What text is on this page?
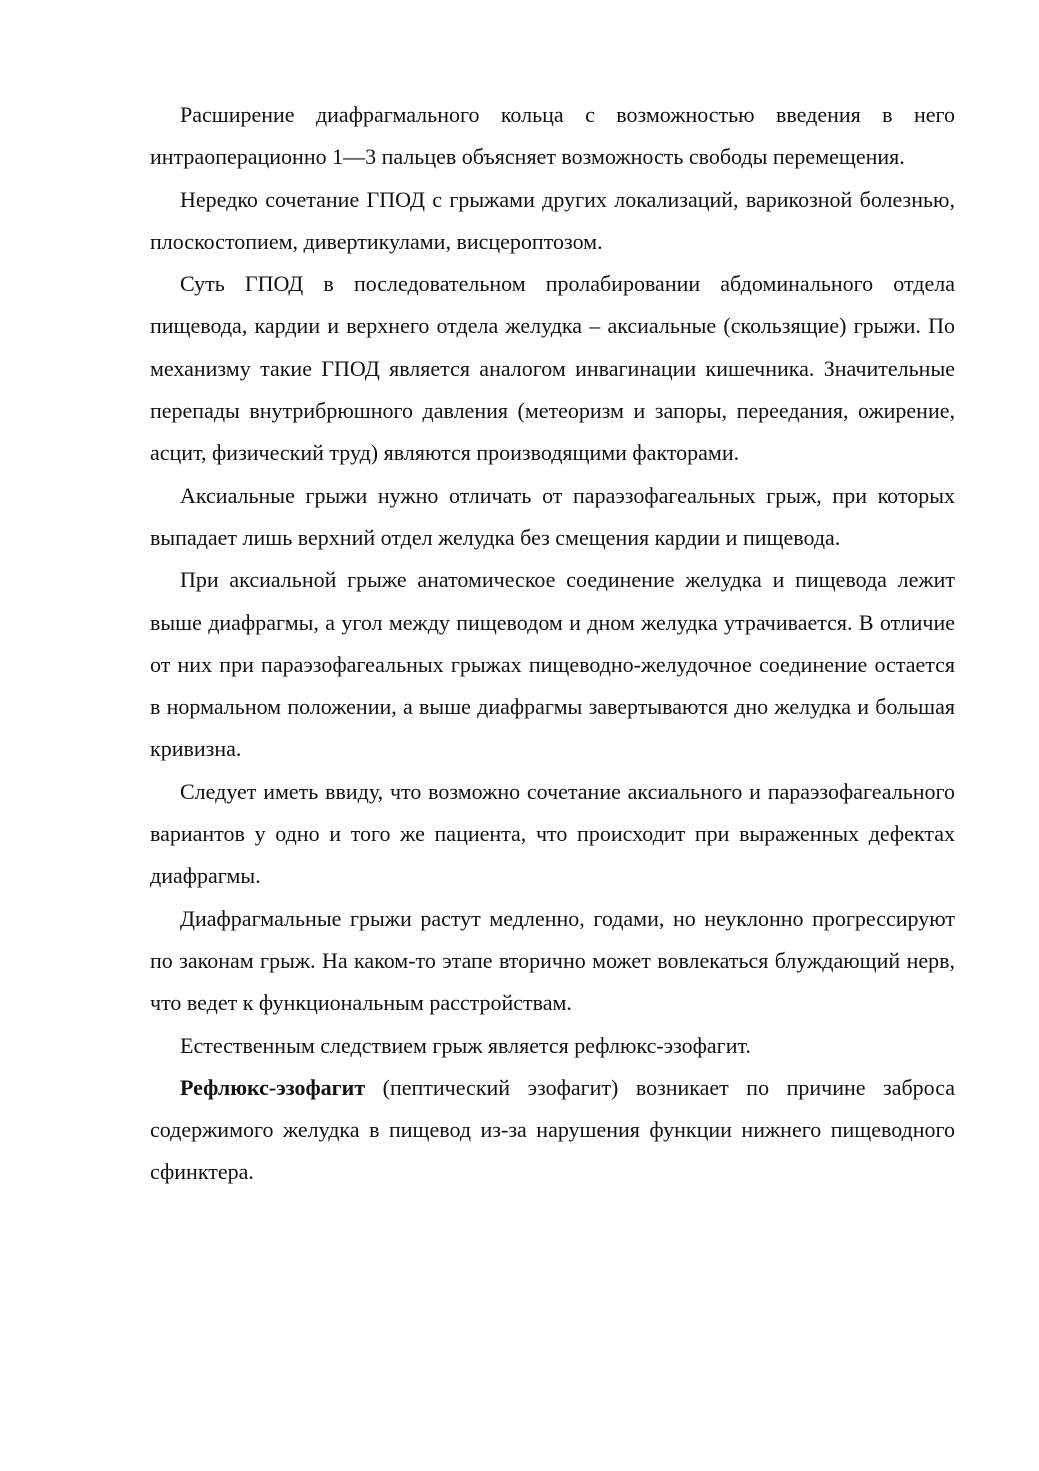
Расширение диафрагмального кольца с возможностью введения в него интраоперационно 1—3 пальцев объясняет возможность свободы перемещения.

Нередко сочетание ГПОД с грыжами других локализаций, варикозной болезнью, плоскостопием, дивертикулами, висцероптозом.

Суть ГПОД в последовательном пролабировании абдоминального отдела пищевода, кардии и верхнего отдела желудка – аксиальные (скользящие) грыжи. По механизму такие ГПОД является аналогом инвагинации кишечника. Значительные перепады внутрибрюшного давления (метеоризм и запоры, переедания, ожирение, асцит, физический труд) являются производящими факторами.

Аксиальные грыжи нужно отличать от параэзофагеальных грыж, при которых выпадает лишь верхний отдел желудка без смещения кардии и пищевода.

При аксиальной грыже анатомическое соединение желудка и пищевода лежит выше диафрагмы, а угол между пищеводом и дном желудка утрачивается. В отличие от них при параэзофагеальных грыжах пищеводно-желудочное соединение остается в нормальном положении, а выше диафрагмы завертываются дно желудка и большая кривизна.

Следует иметь ввиду, что возможно сочетание аксиального и параэзофагеального вариантов у одно и того же пациента, что происходит при выраженных дефектах диафрагмы.

Диафрагмальные грыжи растут медленно, годами, но неуклонно прогрессируют по законам грыж. На каком-то этапе вторично может вовлекаться блуждающий нерв, что ведет к функциональным расстройствам.

Естественным следствием грыж является рефлюкс-эзофагит.

Рефлюкс-эзофагит (пептический эзофагит) возникает по причине заброса содержимого желудка в пищевод из-за нарушения функции нижнего пищеводного сфинктера.
